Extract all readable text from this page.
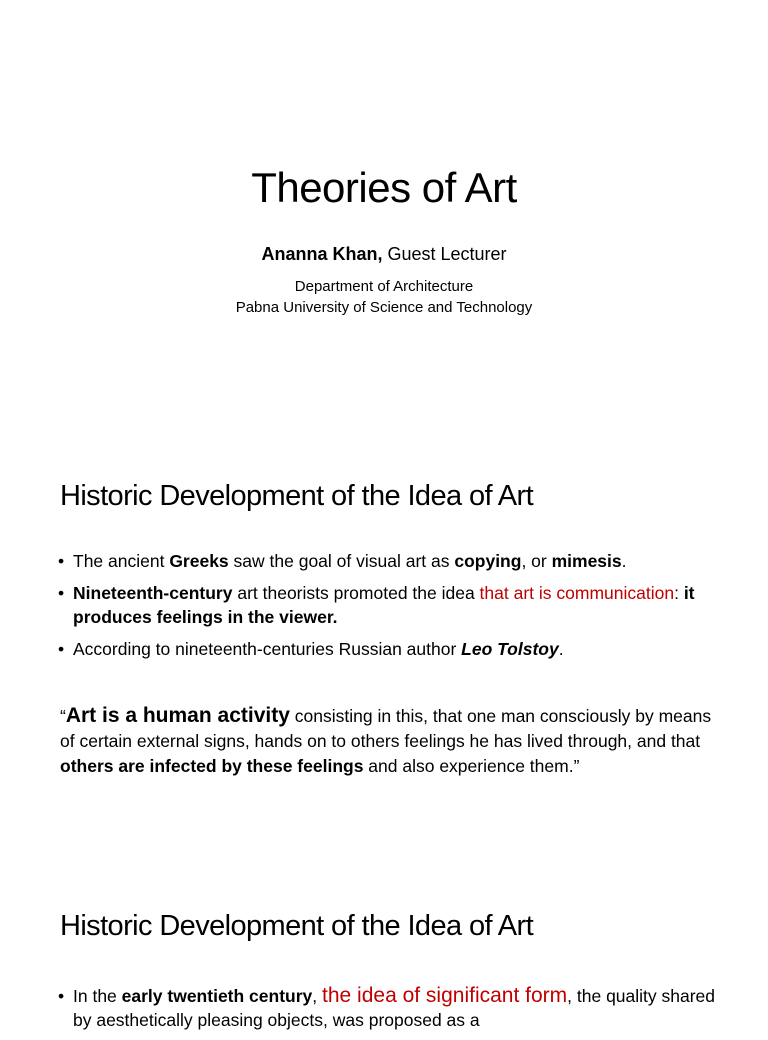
Theories of Art
Ananna Khan, Guest Lecturer
Department of Architecture
Pabna University of Science and Technology
Historic Development of the Idea of Art
• The ancient Greeks saw the goal of visual art as copying, or mimesis.
• Nineteenth-century art theorists promoted the idea that art is communication: it produces feelings in the viewer.
• According to nineteenth-centuries Russian author Leo Tolstoy.
“Art is a human activity consisting in this, that one man consciously by means of certain external signs, hands on to others feelings he has lived through, and that others are infected by these feelings and also experience them.”
Historic Development of the Idea of Art
• In the early twentieth century, the idea of significant form, the quality shared by aesthetically pleasing objects, was proposed as a
